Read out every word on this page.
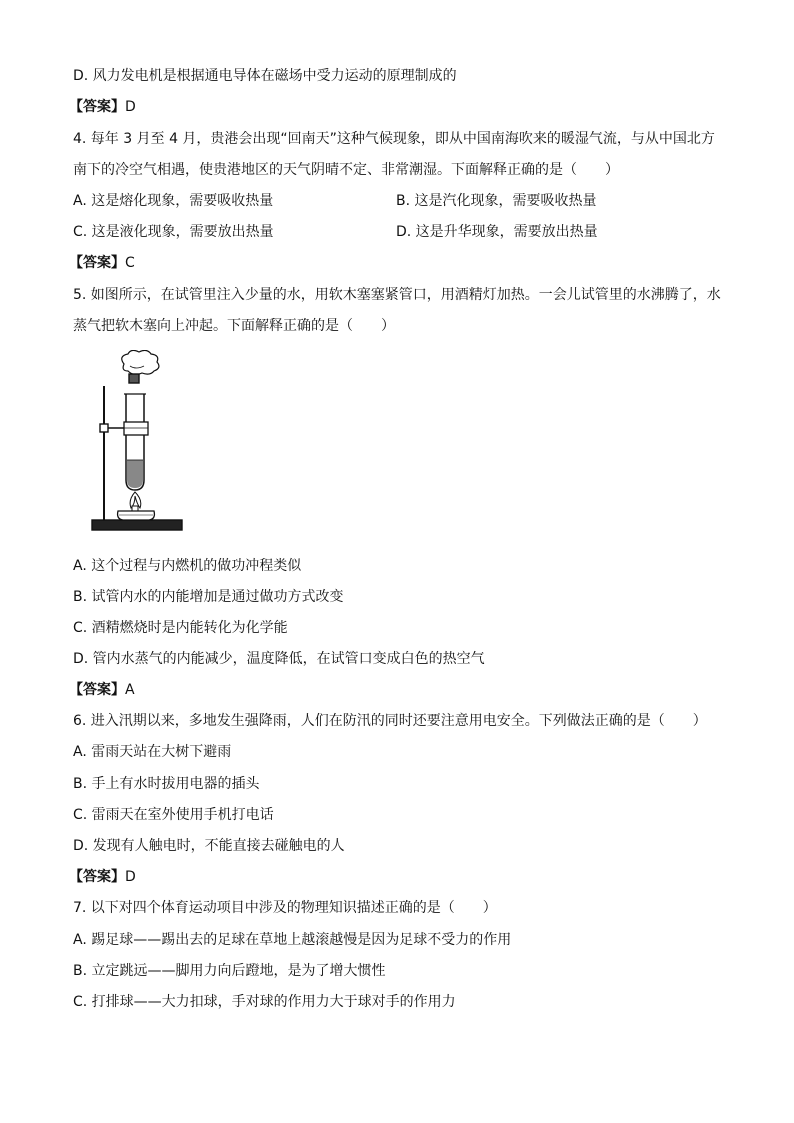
D. 风力发电机是根据通电导体在磁场中受力运动的原理制成的
【答案】D
4. 每年 3 月至 4 月，贵港会出现“回南天”这种气候现象，即从中国南海吹来的暖湿气流，与从中国北方
南下的冷空气相遇，使贵港地区的天气阴晴不定、非常潮湿。下面解释正确的是（　　）
A. 这是熔化现象，需要吸收热量	B. 这是汽化现象，需要吸收热量
C. 这是液化现象，需要放出热量	D. 这是升华现象，需要放出热量
【答案】C
5. 如图所示，在试管里注入少量的水，用软木塞塞紧管口，用酒精灯加热。一会儿试管里的水沸腾了，水
蒸气把软木塞向上冲起。下面解释正确的是（　　）
A. 这个过程与内燃机的做功冲程类似
B. 试管内水的内能增加是通过做功方式改变
C. 酒精燃烧时是内能转化为化学能
D. 管内水蒸气的内能减少，温度降低，在试管口变成白色的热空气
【答案】A
6. 进入汛期以来，多地发生强降雨，人们在防汛的同时还要注意用电安全。下列做法正确的是（　　）
A. 雷雨天站在大树下避雨
B. 手上有水时拔用电器的插头
C. 雷雨天在室外使用手机打电话
D. 发现有人触电时，不能直接去碰触电的人
【答案】D
7. 以下对四个体育运动项目中涉及的物理知识描述正确的是（　　）
A. 踢足球——踢出去的足球在草地上越滚越慢是因为足球不受力的作用
B. 立定跳远——脚用力向后蹬地，是为了增大惯性
C. 打排球——大力扣球，手对球的作用力大于球对手的作用力
